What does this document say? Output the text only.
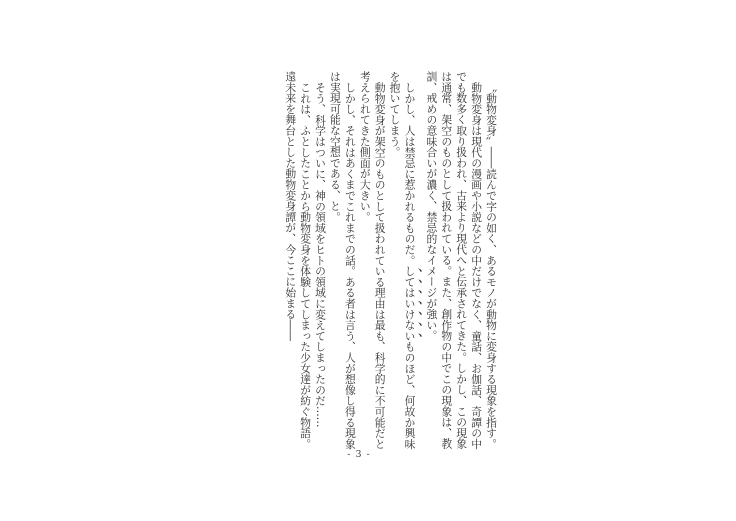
〝動物変身〟――読んで字の如く、あるモノが動物に変身する現象を指す。

動物変身は現代の漫画や小説などの中だけでなく、童話、お伽話、奇譚の中でも数多く取り扱われ、古来より現代へと伝承されてきた。しかし、この現象は通常、架空のものとして扱われている。また、創作物の中でこの現象は、教訓、戒めの意味合いが濃く、禁忌的なイメージが強い。

しかし、人は禁忌に惹かれるものだ。してはいけないものほど、何故か興味を抱いてしまう。

動物変身が架空のものとして扱われている理由は最も、科学的に不可能だと考えられてきた側面が大きい。

しかし、それはあくまでこれまでの話。ある者は言う、人が想像し得る現象は実現可能な空想である、と。

そう、科学はついに、神の領域をヒトの領域に変えてしまったのだ……

これは、ふとしたことから動物変身を体験してしまった少女達が紡ぐ物語。遠未来を舞台とした動物変身譚が、今ここに始まる――

- 3 -
